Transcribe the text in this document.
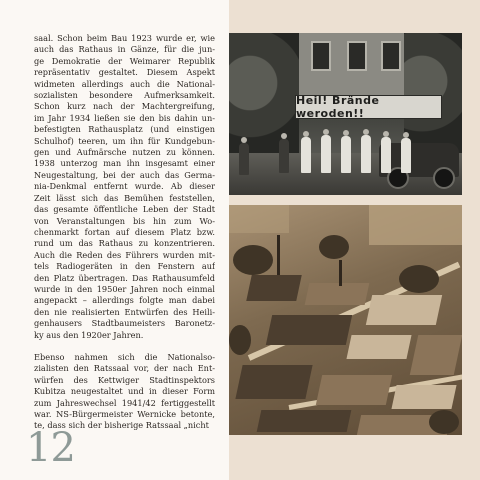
saal. Schon beim Bau 1923 wurde er, wie
auch das Rathaus in Gänze, für die jun-
ge Demokratie der Weimarer Republik
repräsentativ gestaltet. Diesem Aspekt
widmeten allerdings auch die National-
sozialisten besondere Aufmerksamkeit.
Schon kurz nach der Machtergreifung,
im Jahr 1934 ließen sie den bis dahin un-
befestigten Rathausplatz (und einstigen
Schulhof) teeren, um ihn für Kundgebun-
gen und Aufmärsche nutzen zu können.
1938 unterzog man ihn insgesamt einer
Neugestaltung, bei der auch das Germa-
nia-Denkmal entfernt wurde. Ab dieser
Zeit lässt sich das Bemühen feststellen,
das gesamte öffentliche Leben der Stadt
von Veranstaltungen bis hin zum Wo-
chenmarkt fortan auf diesem Platz bzw.
rund um das Rathaus zu konzentrieren.
Auch die Reden des Führers wurden mit-
tels Radiogeräten in den Fenstern auf
den Platz übertragen. Das Rathausumfeld
wurde in den 1950er Jahren noch einmal
angepackt – allerdings folgte man dabei
den nie realisierten Entwürfen des Heili-
genhausers Stadtbaumeisters Baronetz-
ky aus den 1920er Jahren.

Ebenso nahmen sich die Nationalso-
zialisten den Ratssaal vor, der nach Ent-
würfen des Kettwiger Stadtinspektors
Kubitza neugestaltet und in dieser Form
zum Jahreswechsel 1941/42 fertiggestellt
war. NS-Bürgermeister Wernicke betonte,
te, dass sich der bisherige Ratssaal „nicht

12
Heil! Brände weroden!!
